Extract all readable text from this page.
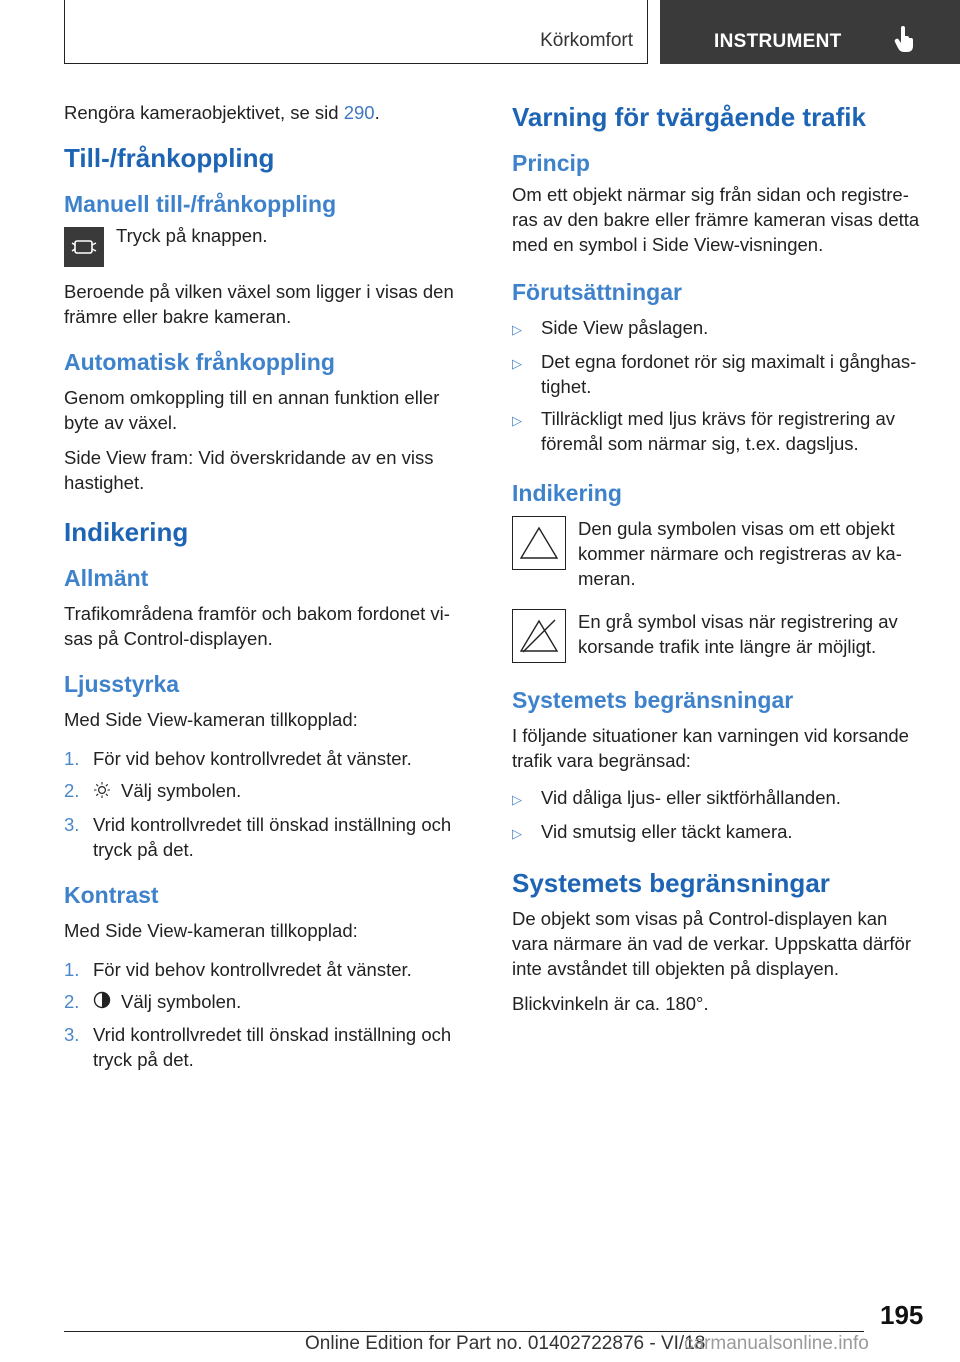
Körkomfort	INSTRUMENT

Rengöra kameraobjektivet, se sid 290.

Till-/frånkoppling
Manuell till-/frånkoppling

Tryck på knappen.

Beroende på vilken växel som ligger i visas den främre eller bakre kameran.

Automatisk frånkoppling

Genom omkoppling till en annan funktion eller byte av växel.

Side View fram: Vid överskridande av en viss hastighet.

Indikering
Allmänt

Trafikområdena framför och bakom fordonet visas på Control-displayen.

Ljusstyrka

Med Side View-kameran tillkopplad:

1. För vid behov kontrollvredet åt vänster.
2.	Välj symbolen.
3. Vrid kontrollvredet till önskad inställning och tryck på det.
Kontrast

Med Side View-kameran tillkopplad:

1. För vid behov kontrollvredet åt vänster.
2.	Välj symbolen.
3. Vrid kontrollvredet till önskad inställning och tryck på det.
Varning för tvärgående trafik
Princip

Om ett objekt närmar sig från sidan och registreras av den bakre eller främre kameran visas detta med en symbol i Side View-visningen.

Förutsättningar
▷	Side View påslagen.
▷	Det egna fordonet rör sig maximalt i gånghastighet.
▷	Tillräckligt med ljus krävs för registrering av föremål som närmar sig, t.ex. dagsljus.
Indikering

Den gula symbolen visas om ett objekt kommer närmare och registreras av kameran.

En grå symbol visas när registrering av korsande trafik inte längre är möjligt.

Systemets begränsningar

I följande situationer kan varningen vid korsande trafik vara begränsad:

▷	Vid dåliga ljus- eller siktförhållanden.
▷	Vid smutsig eller täckt kamera.
Systemets begränsningar

De objekt som visas på Control-displayen kan vara närmare än vad de verkar. Uppskatta därför inte avståndet till objekten på displayen.

Blickvinkeln är ca. 180°.

195
Online Edition for Part no. 01402722876 - VI/18
carmanualsonline.info
